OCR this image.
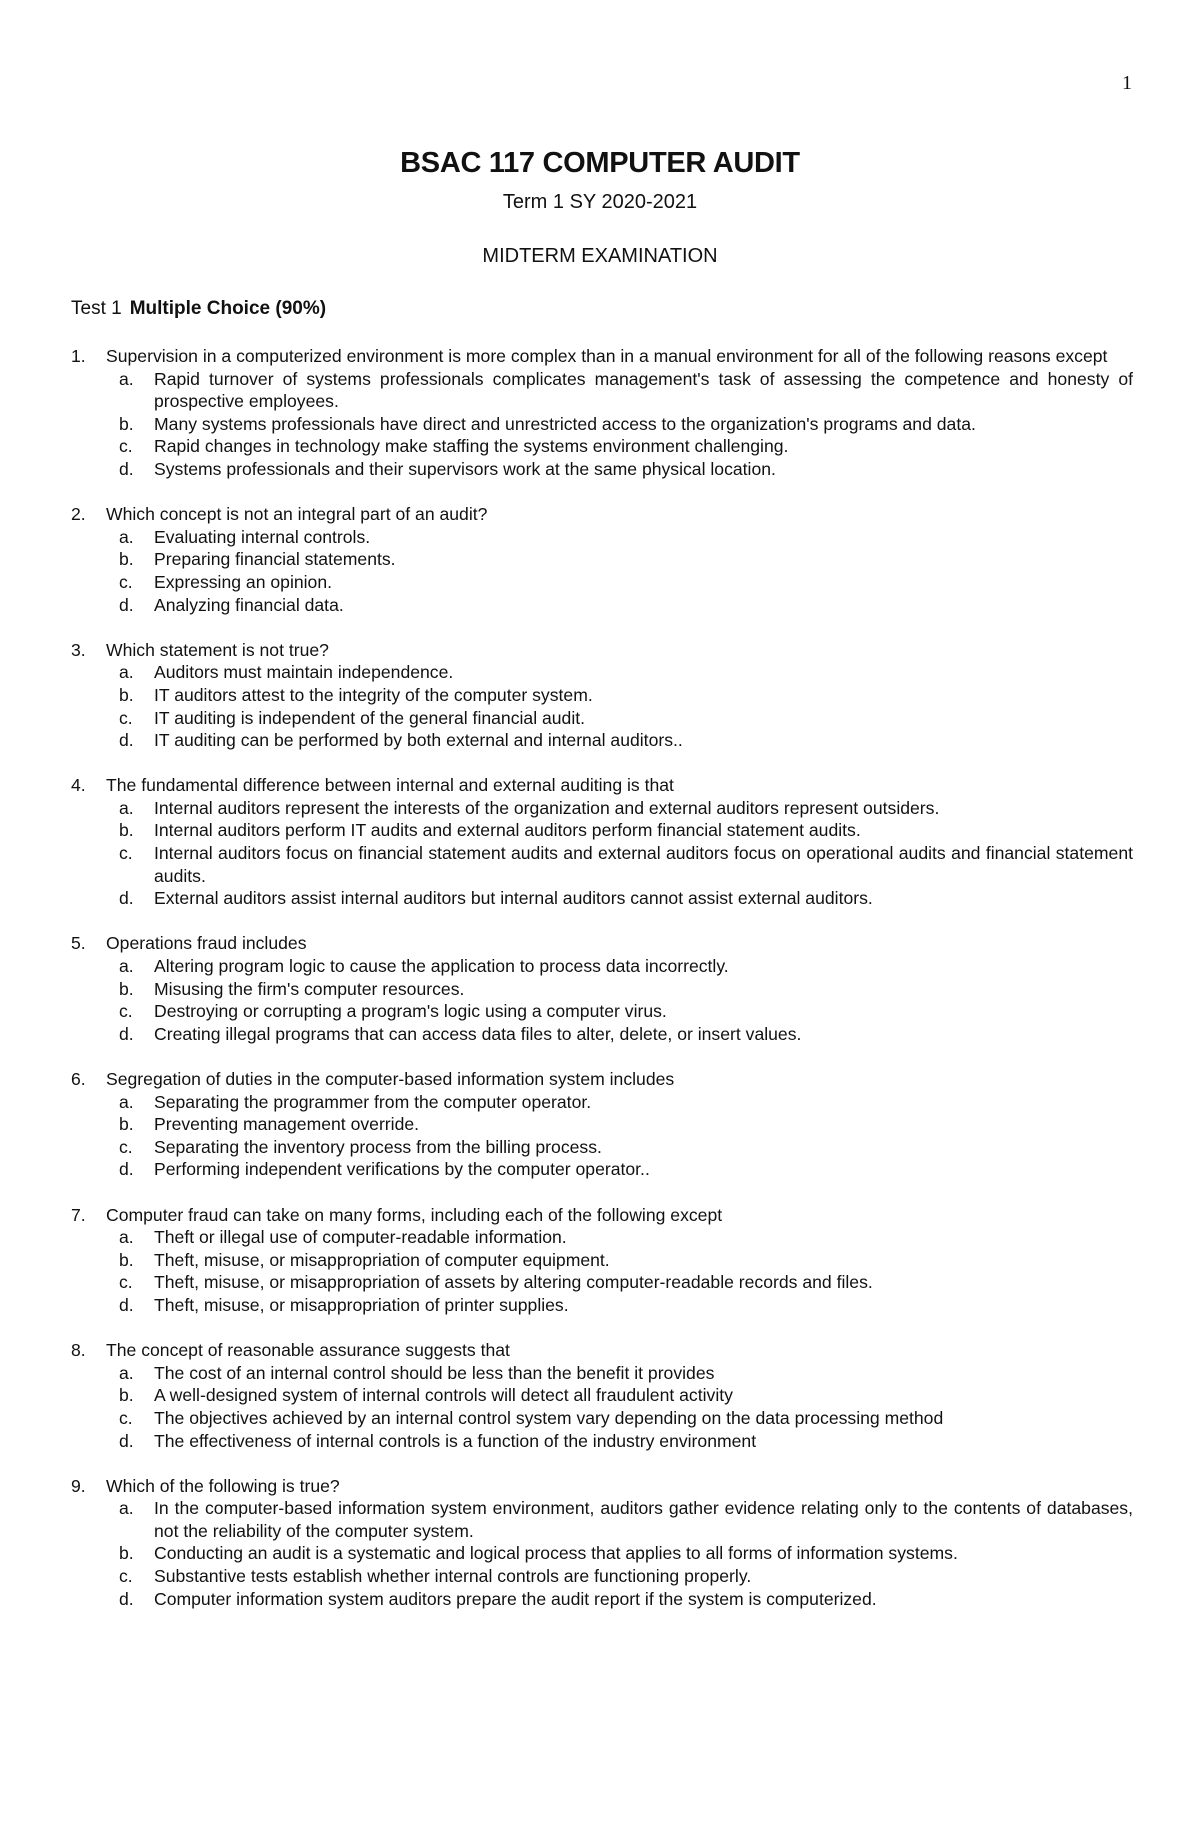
1
BSAC 117 COMPUTER AUDIT
Term 1 SY 2020-2021
MIDTERM EXAMINATION
Test 1 Multiple Choice (90%)
1.	Supervision in a computerized environment is more complex than in a manual environment for all of the following reasons except
a.	Rapid turnover of systems professionals complicates management's task of assessing the competence and honesty of prospective employees.
b.	Many systems professionals have direct and unrestricted access to the organization's programs and data.
c.	Rapid changes in technology make staffing the systems environment challenging.
d.	Systems professionals and their supervisors work at the same physical location.
2.	Which concept is not an integral part of an audit?
a.	Evaluating internal controls.
b.	Preparing financial statements.
c.	Expressing an opinion.
d.	Analyzing financial data.
3.	Which statement is not true?
a.	Auditors must maintain independence.
b.	IT auditors attest to the integrity of the computer system.
c.	IT auditing is independent of the general financial audit.
d.	IT auditing can be performed by both external and internal auditors..
4.	The fundamental difference between internal and external auditing is that
a.	Internal auditors represent the interests of the organization and external auditors represent outsiders.
b.	Internal auditors perform IT audits and external auditors perform financial statement audits.
c.	Internal auditors focus on financial statement audits and external auditors focus on operational audits and financial statement audits.
d.	External auditors assist internal auditors but internal auditors cannot assist external auditors.
5.	Operations fraud includes
a.	Altering program logic to cause the application to process data incorrectly.
b.	Misusing the firm's computer resources.
c.	Destroying or corrupting a program's logic using a computer virus.
d.	Creating illegal programs that can access data files to alter, delete, or insert values.
6.	Segregation of duties in the computer-based information system includes
a.	Separating the programmer from the computer operator.
b.	Preventing management override.
c.	Separating the inventory process from the billing process.
d.	Performing independent verifications by the computer operator..
7.	Computer fraud can take on many forms, including each of the following except
a.	Theft or illegal use of computer-readable information.
b.	Theft, misuse, or misappropriation of computer equipment.
c.	Theft, misuse, or misappropriation of assets by altering computer-readable records and files.
d.	Theft, misuse, or misappropriation of printer supplies.
8.	The concept of reasonable assurance suggests that
a.	The cost of an internal control should be less than the benefit it provides
b.	A well-designed system of internal controls will detect all fraudulent activity
c.	The objectives achieved by an internal control system vary depending on the data processing method
d.	The effectiveness of internal controls is a function of the industry environment
9.	Which of the following is true?
a.	In the computer-based information system environment, auditors gather evidence relating only to the contents of databases, not the reliability of the computer system.
b.	Conducting an audit is a systematic and logical process that applies to all forms of information systems.
c.	Substantive tests establish whether internal controls are functioning properly.
d.	Computer information system auditors prepare the audit report if the system is computerized.
